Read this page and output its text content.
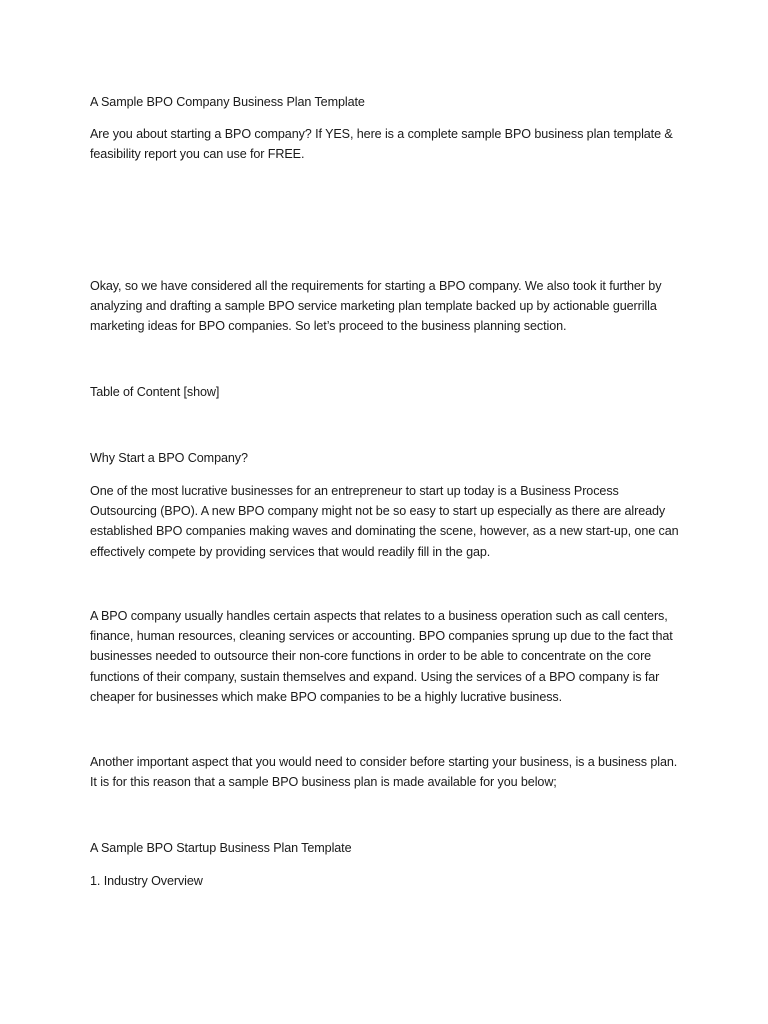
A Sample BPO Company Business Plan Template

Are you about starting a BPO company? If YES, here is a complete sample BPO business plan template & feasibility report you can use for FREE.

Okay, so we have considered all the requirements for starting a BPO company. We also took it further by analyzing and drafting a sample BPO service marketing plan template backed up by actionable guerrilla marketing ideas for BPO companies. So let’s proceed to the business planning section.

Table of Content [show]

Why Start a BPO Company?

One of the most lucrative businesses for an entrepreneur to start up today is a Business Process Outsourcing (BPO). A new BPO company might not be so easy to start up especially as there are already established BPO companies making waves and dominating the scene, however, as a new start-up, one can effectively compete by providing services that would readily fill in the gap.

A BPO company usually handles certain aspects that relates to a business operation such as call centers, finance, human resources, cleaning services or accounting. BPO companies sprung up due to the fact that businesses needed to outsource their non-core functions in order to be able to concentrate on the core functions of their company, sustain themselves and expand. Using the services of a BPO company is far cheaper for businesses which make BPO companies to be a highly lucrative business.

Another important aspect that you would need to consider before starting your business, is a business plan. It is for this reason that a sample BPO business plan is made available for you below;

A Sample BPO Startup Business Plan Template

1. Industry Overview
